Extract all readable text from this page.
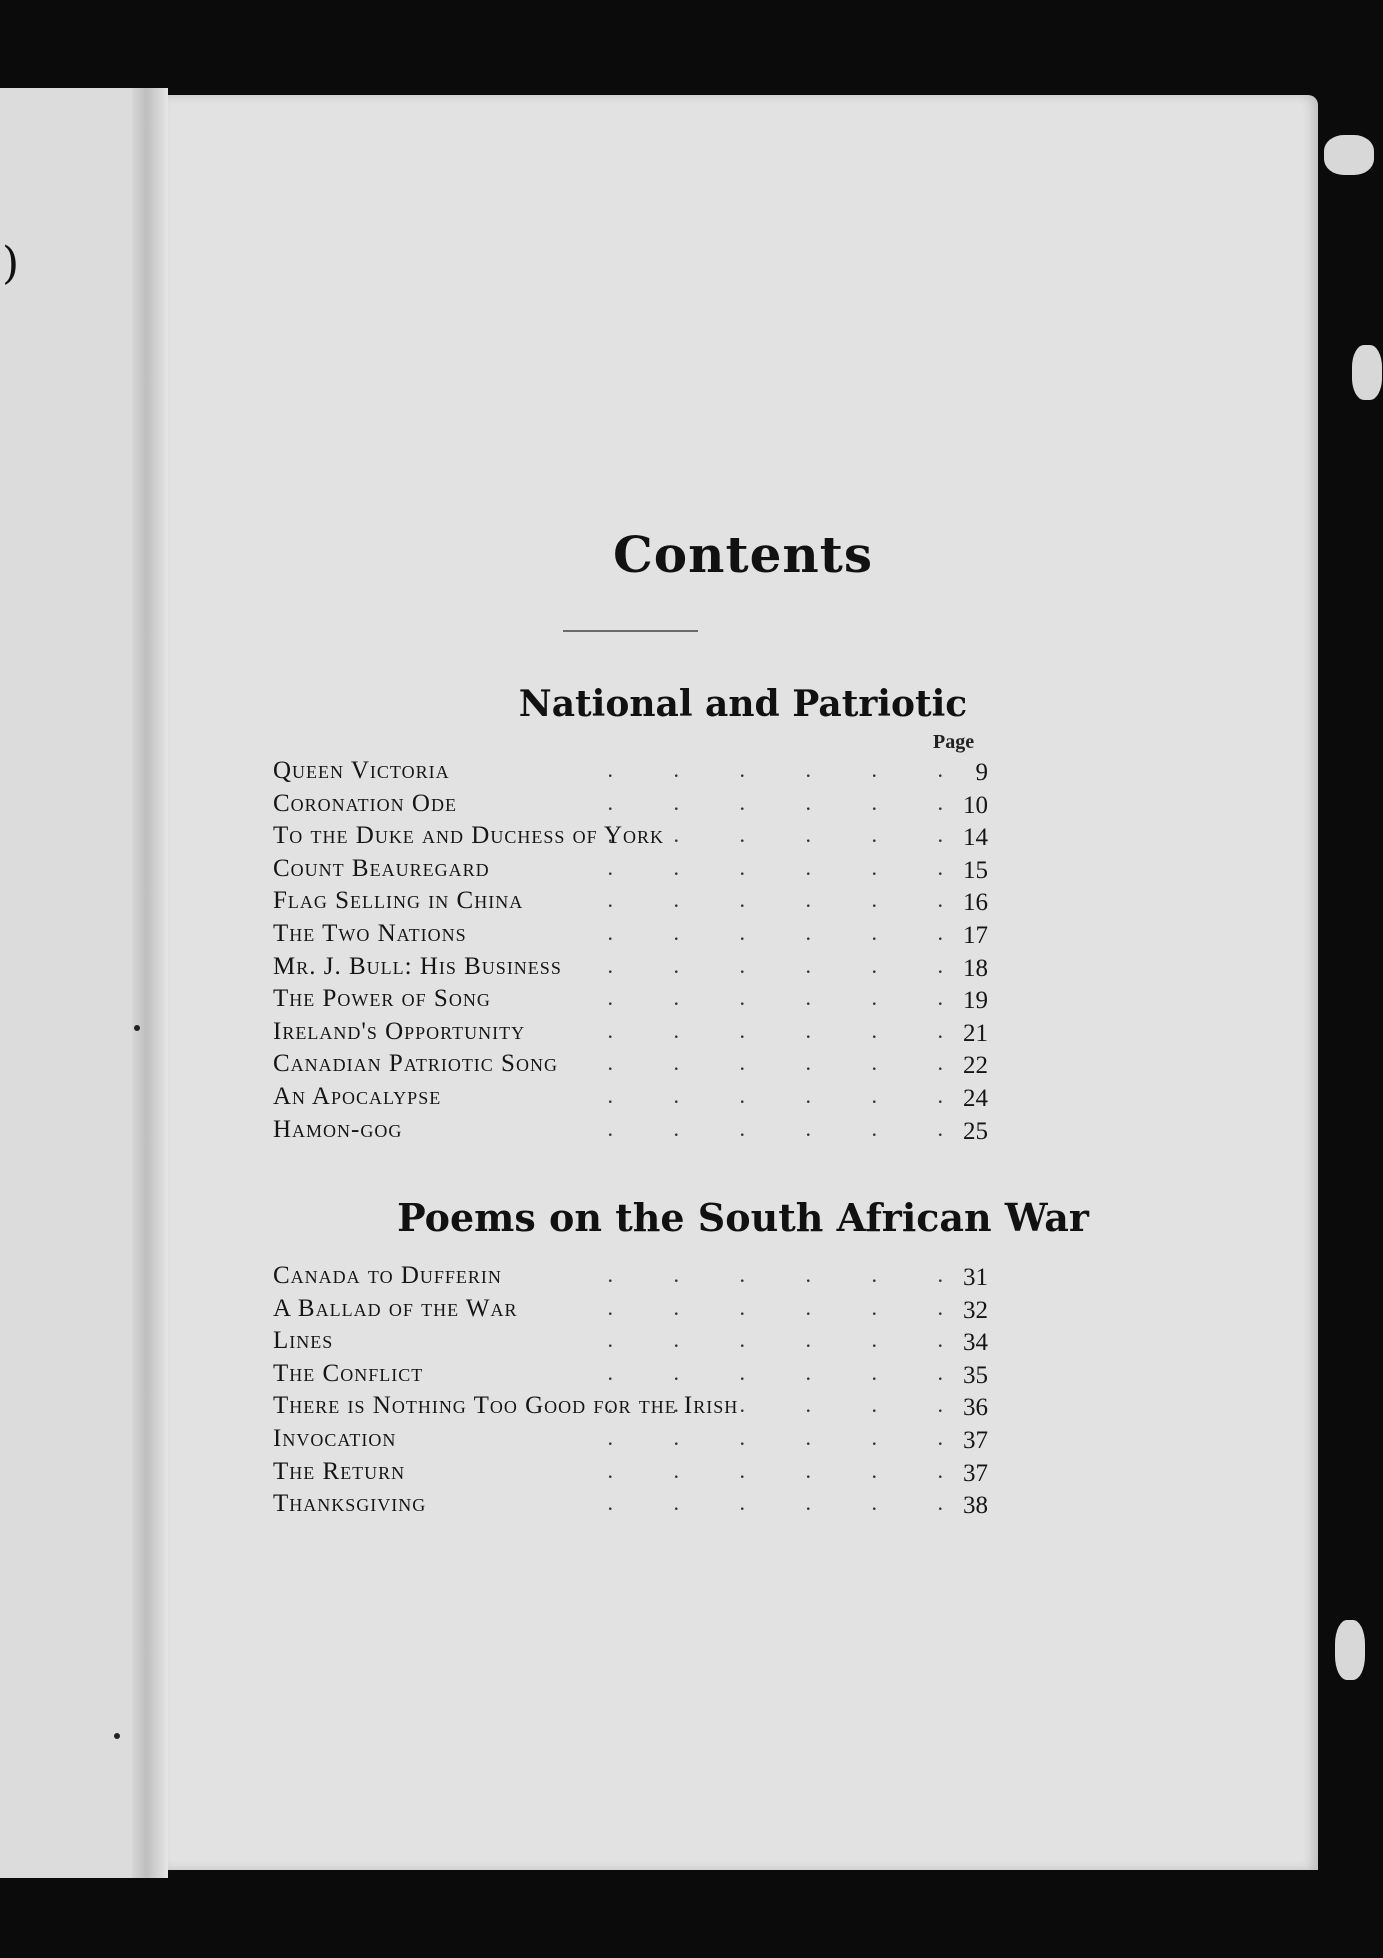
)
Contents
National and Patriotic
Page
Queen Victoria .	9
Coronation Ode .	10
To the Duke and Duchess of York .	14
Count Beauregard .	15
Flag Selling in China .	16
The Two Nations .	17
Mr. J. Bull: His Business .	18
The Power of Song .	19
Ireland's Opportunity .	21
Canadian Patriotic Song .	22
An Apocalypse .	24
Hamon-gog .	25
Poems on the South African War
Canada to Dufferin .	31
A Ballad of the War .	32
Lines .	34
The Conflict .	35
There is Nothing Too Good for the Irish .	36
Invocation .	37
The Return .	37
Thanksgiving .	38
